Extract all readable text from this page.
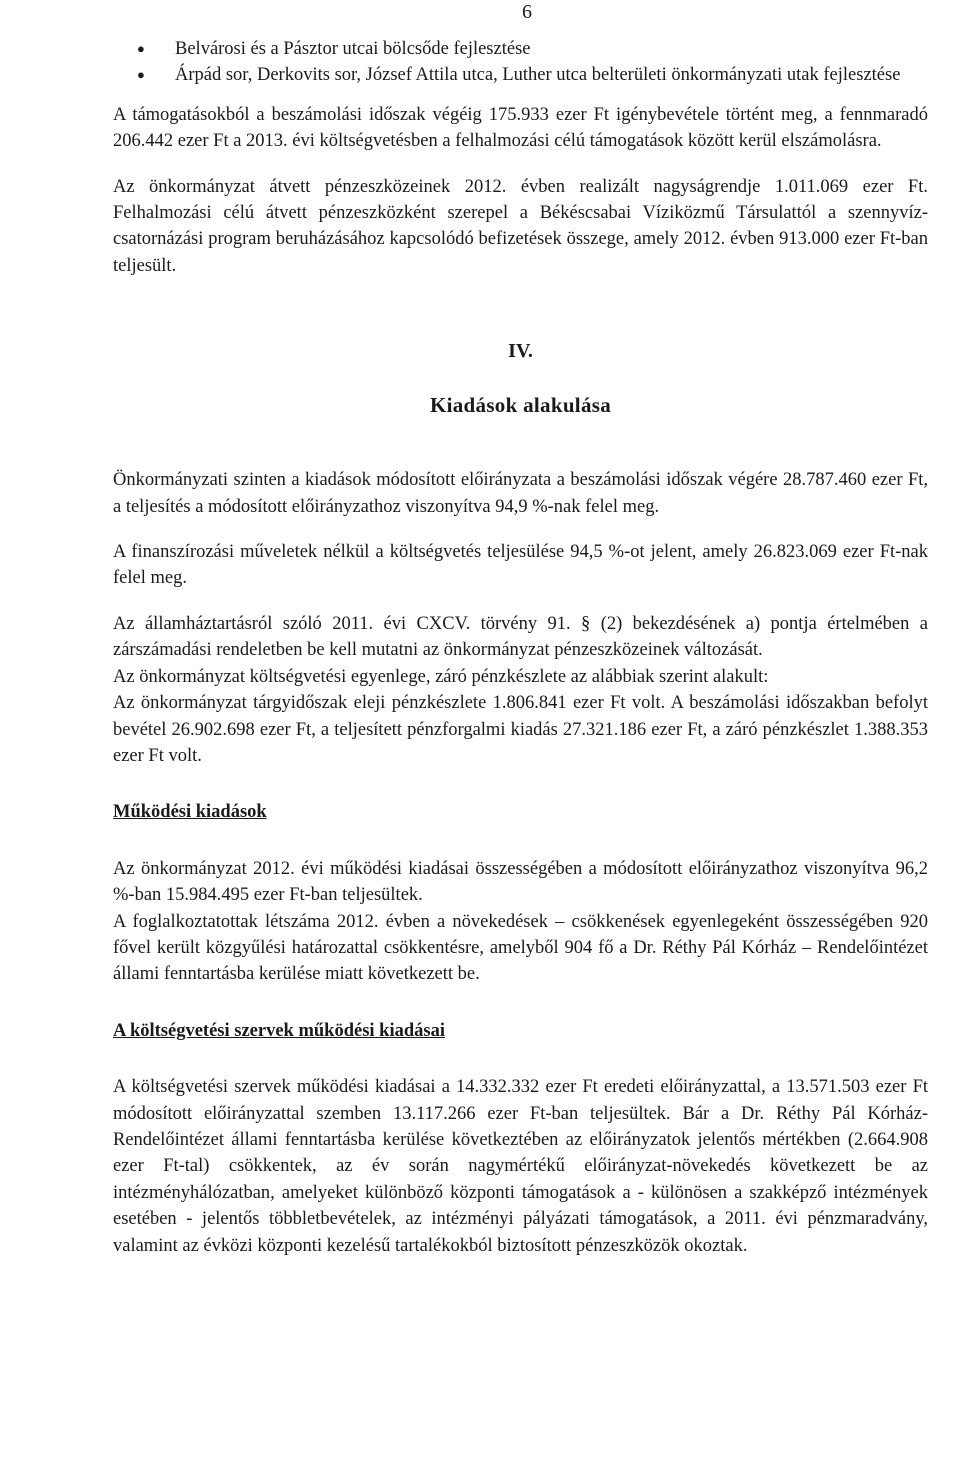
6
● Belvárosi és a Pásztor utcai bölcsőde fejlesztése
● Árpád sor, Derkovits sor, József Attila utca, Luther utca belterületi önkormányzati utak fejlesztése

A támogatásokból a beszámolási időszak végéig 175.933 ezer Ft igénybevétele történt meg, a fennmaradó 206.442 ezer Ft a 2013. évi költségvetésben a felhalmozási célú támogatások között kerül elszámolásra.

Az önkormányzat átvett pénzeszközeinek 2012. évben realizált nagyságrendje 1.011.069 ezer Ft. Felhalmozási célú átvett pénzeszközként szerepel a Békéscsabai Víziközmű Társulattól a szennyvíz-csatornázási program beruházásához kapcsolódó befizetések összege, amely 2012. évben 913.000 ezer Ft-ban teljesült.

IV.
Kiadások alakulása

Önkormányzati szinten a kiadások módosított előirányzata a beszámolási időszak végére 28.787.460 ezer Ft, a teljesítés a módosított előirányzathoz viszonyítva 94,9 %-nak felel meg.

A finanszírozási műveletek nélkül a költségvetés teljesülése 94,5 %-ot jelent, amely 26.823.069 ezer Ft-nak felel meg.

Az államháztartásról szóló 2011. évi CXCV. törvény 91. § (2) bekezdésének a) pontja értelmében a zárszámadási rendeletben be kell mutatni az önkormányzat pénzeszközeinek változását.

Az önkormányzat költségvetési egyenlege, záró pénzkészlete az alábbiak szerint alakult:

Az önkormányzat tárgyidőszak eleji pénzkészlete 1.806.841 ezer Ft volt. A beszámolási időszakban befolyt bevétel 26.902.698 ezer Ft, a teljesített pénzforgalmi kiadás 27.321.186 ezer Ft, a záró pénzkészlet 1.388.353 ezer Ft volt.

Működési kiadások

Az önkormányzat 2012. évi működési kiadásai összességében a módosított előirányzathoz viszonyítva 96,2 %-ban 15.984.495 ezer Ft-ban teljesültek.

A foglalkoztatottak létszáma 2012. évben a növekedések – csökkenések egyenlegeként összességében 920 fővel került közgyűlési határozattal csökkentésre, amelyből 904 fő a Dr. Réthy Pál Kórház – Rendelőintézet állami fenntartásba kerülése miatt következett be.

A költségvetési szervek működési kiadásai

A költségvetési szervek működési kiadásai a 14.332.332 ezer Ft eredeti előirányzattal, a 13.571.503 ezer Ft módosított előirányzattal szemben 13.117.266 ezer Ft-ban teljesültek. Bár a Dr. Réthy Pál Kórház-Rendelőintézet állami fenntartásba kerülése következtében az előirányzatok jelentős mértékben (2.664.908 ezer Ft-tal) csökkentek, az év során nagymértékű előirányzat-növekedés következett be az intézményhálózatban, amelyeket különböző központi támogatások a - különösen a szakképző intézmények esetében - jelentős többletbevételek, az intézményi pályázati támogatások, a 2011. évi pénzmaradvány, valamint az évközi központi kezelésű tartalékokból biztosított pénzeszközök okoztak.
